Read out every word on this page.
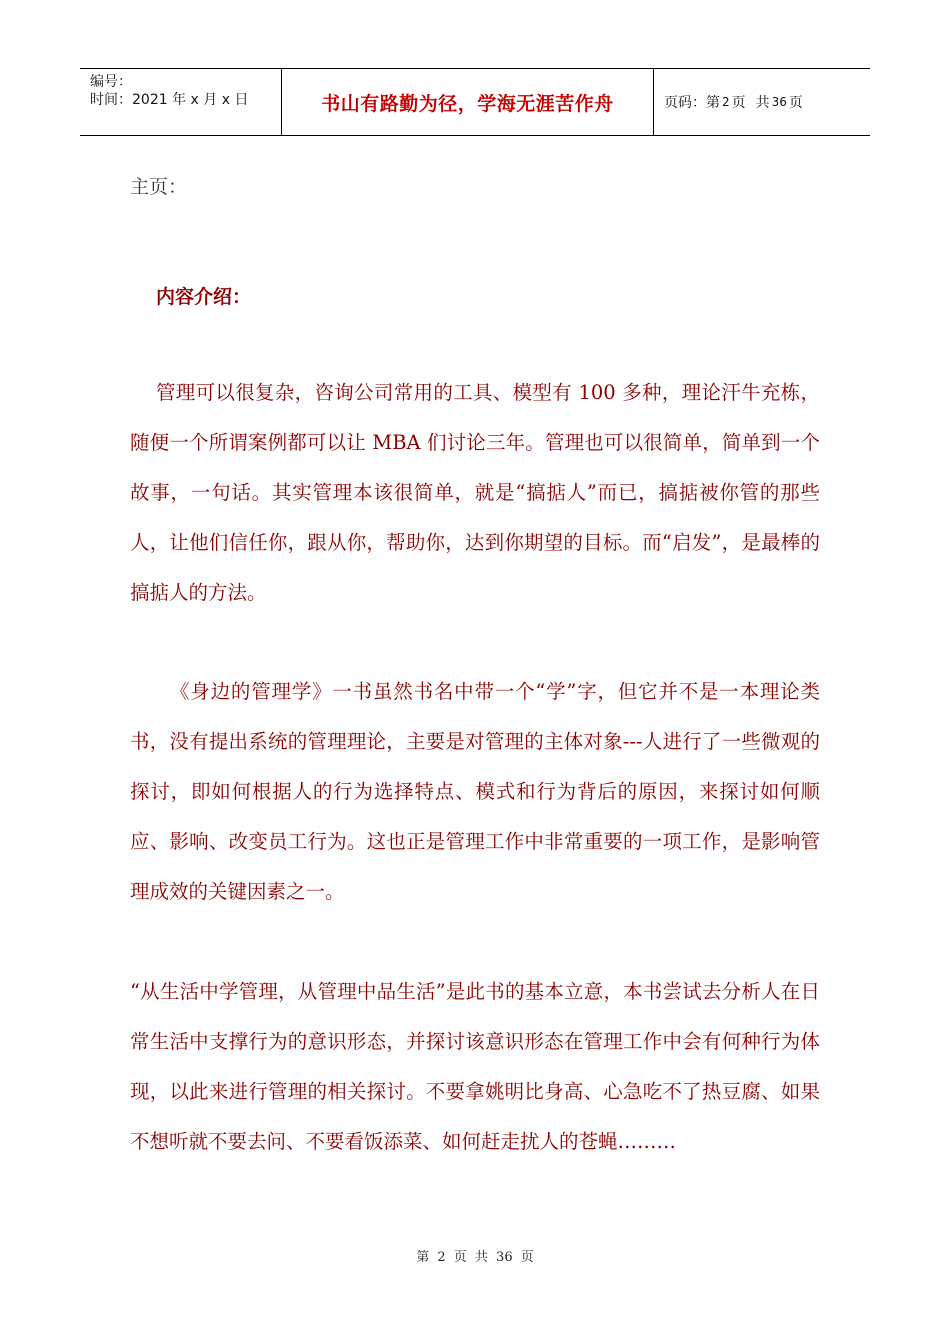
编号：
时间：2021 年 x 月 x 日	书山有路勤为径，学海无涯苦作舟	页码：第 2 页 共 36 页
主页：
内容介绍：
管理可以很复杂，咨询公司常用的工具、模型有 100 多种，理论汗牛充栋，随便一个所谓案例都可以让 MBA 们讨论三年。管理也可以很简单，简单到一个故事，一句话。其实管理本该很简单，就是“搞掂人”而已，搞掂被你管的那些人，让他们信任你，跟从你，帮助你，达到你期望的目标。而“启发”，是最棒的搞掂人的方法。
《身边的管理学》一书虽然书名中带一个“学”字，但它并不是一本理论类书，没有提出系统的管理理论，主要是对管理的主体对象---人进行了一些微观的探讨，即如何根据人的行为选择特点、模式和行为背后的原因，来探讨如何顺应、影响、改变员工行为。这也正是管理工作中非常重要的一项工作，是影响管理成效的关键因素之一。
“从生活中学管理，从管理中品生活”是此书的基本立意，本书尝试去分析人在日常生活中支撑行为的意识形态，并探讨该意识形态在管理工作中会有何种行为体现，以此来进行管理的相关探讨。不要拿姚明比身高、心急吃不了热豆腐、如果不想听就不要去问、不要看饭添菜、如何赶走扰人的苍蝇………
第 2 页 共 36 页
